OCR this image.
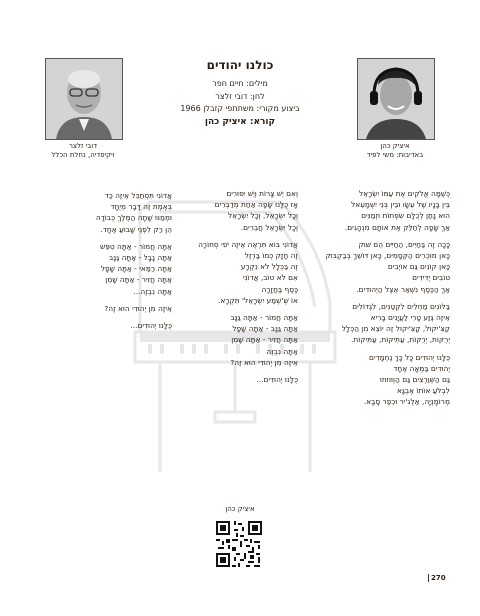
דובי זלצר
ויקיפדיה, נחלת הכלל
איציק כהן
באדיבות: משי לפיד
כולנו יהודים
מילים: חיים חפר
לחן: דובי זלצר
ביצוע מקורי: משתתפי קזבלן 1966
קורא: איציק כהן
כְּשֶׁמָּה אֱלֹקִים אֶת עַמּוֹ יִשְׂרָאֵל
בֵּין בָּנָיו שֶׁל עֵשָׂו וּבֵין בְּנֵי יִשְׁמָעֵאל
הוּא נָתַן לְכֻלָּם שִׂפְתוֹת וּזְמַנִּים
אַךְ שָׂפָה לְחַלֵּק אֶת אוֹתָם מִנְהָגִים.
כָּכָה זֶה בַּחַיִּים, הַחַיִּים הֵם שׁוּק
כָּאן מוֹכְרִים הַקְּסָמִים, כָּאן דּוֹשֵׁךְ בְּבַקְבּוּק
כָּאן קוֹנִים גַּם אוֹיְבִים
טוֹבִים יְדִידִים
אַךְ הַכֶּסֶף נִשְׁאַר אֵצֶל הַיְּהוּדִים.
בַּלּוֹנִים מַחְלִים לִקְטַנִּים, לִגְדוֹלִים
אֵיזֶה גֶּזַע טָרִי לַעֲיָנִים בָּרִיא
קַצִּ'יקוּל, קַצִּ'יקוּל זֶה יוֹצֵא מִן הַכְּלָל
יְרֻקּוֹת, יְרֻקּוֹת, עַתִּיקוֹת, עַתִּיקוֹת.
כֻּלָּנוּ יְהוּדִים כָּל כָּךְ נֶחְמָדִים
יְהוּדִים בַּמְּאָה אֶחָד
גַּם הַשְּׁוַרְצִים גַּם הַוְוּוזוּזוּ
לִבְלֹעַ אוֹתוֹ אֶבְגָּא
מְרוֹמָנְיָה, אַלְג'יר וּכְפַר סָבָא.
וְאִם יֵשׁ צָרוֹת וְיֵשׁ יִסּוּרִים
אָז כֻּלָּנוּ שָׂפָה אַחַת מְדַבְּרִים
וְכָל יִשְׂרָאֵל, וְכָל יִשְׂרָאֵל
וְכָל יִשְׂרָאֵל חֲבֵרִים.
אֲדוֹנִי בּוֹא תִּרְאֶה אֵיזֶה יֹפִי סְחוֹרָה
זֶה חָזָק כְּמוֹ בַּרְזֶל
זֶה בַּכְּלָל לֹא נִקְרָע
אִם לֹא טוֹב, אֲדוֹנִי
כֶּסֶף בַּחֲזָרָה
אוֹ שְׁ'שְׁמַע יִשְׂרָאֵל' תִּקְרָא.
אַתָּה חֲמוֹר - אַתָּה גַּנָּב
אַתָּה גַּנָּב - אַתָּה שָׁפָל
אַתָּה חֲזִיר - אַתָּה שָׁמֵן
אַתָּה נִבְזֶה
אֵיזֶה מִן יְהוּדִי הוּא זֶה?
כֻּלָּנוּ יְהוּדִים...
אֲדוֹנִי תִּסְתַּכֵּל אֵיזֶה כַּד
בְּאֶמֶת זֶה דָּבָר מְיֻחָד
וּמְמַנּוּ שָׁתָה הַמֶּלֶךְ כְּבוֹדָהּ
הֵן רַק לִפְנֵי שָׁבוּעַ אֶחָד.
אַתָּה חֲמוֹר - אַתָּה טִפֵּשׁ
אַתָּה נָבָל - אַתָּה גַּנָּב
אַתָּה רַמַּאי - אַתָּה שָׁפָל
אַתָּה חֲזִיר - אַתָּה שָׁמֵן
אַתָּה נִבְזֶה...
אֵיזֶה מִן יְהוּדִי הוּא זֶה?
כֻּלָּנוּ יְהוּדִים...
איציק כהן
270
